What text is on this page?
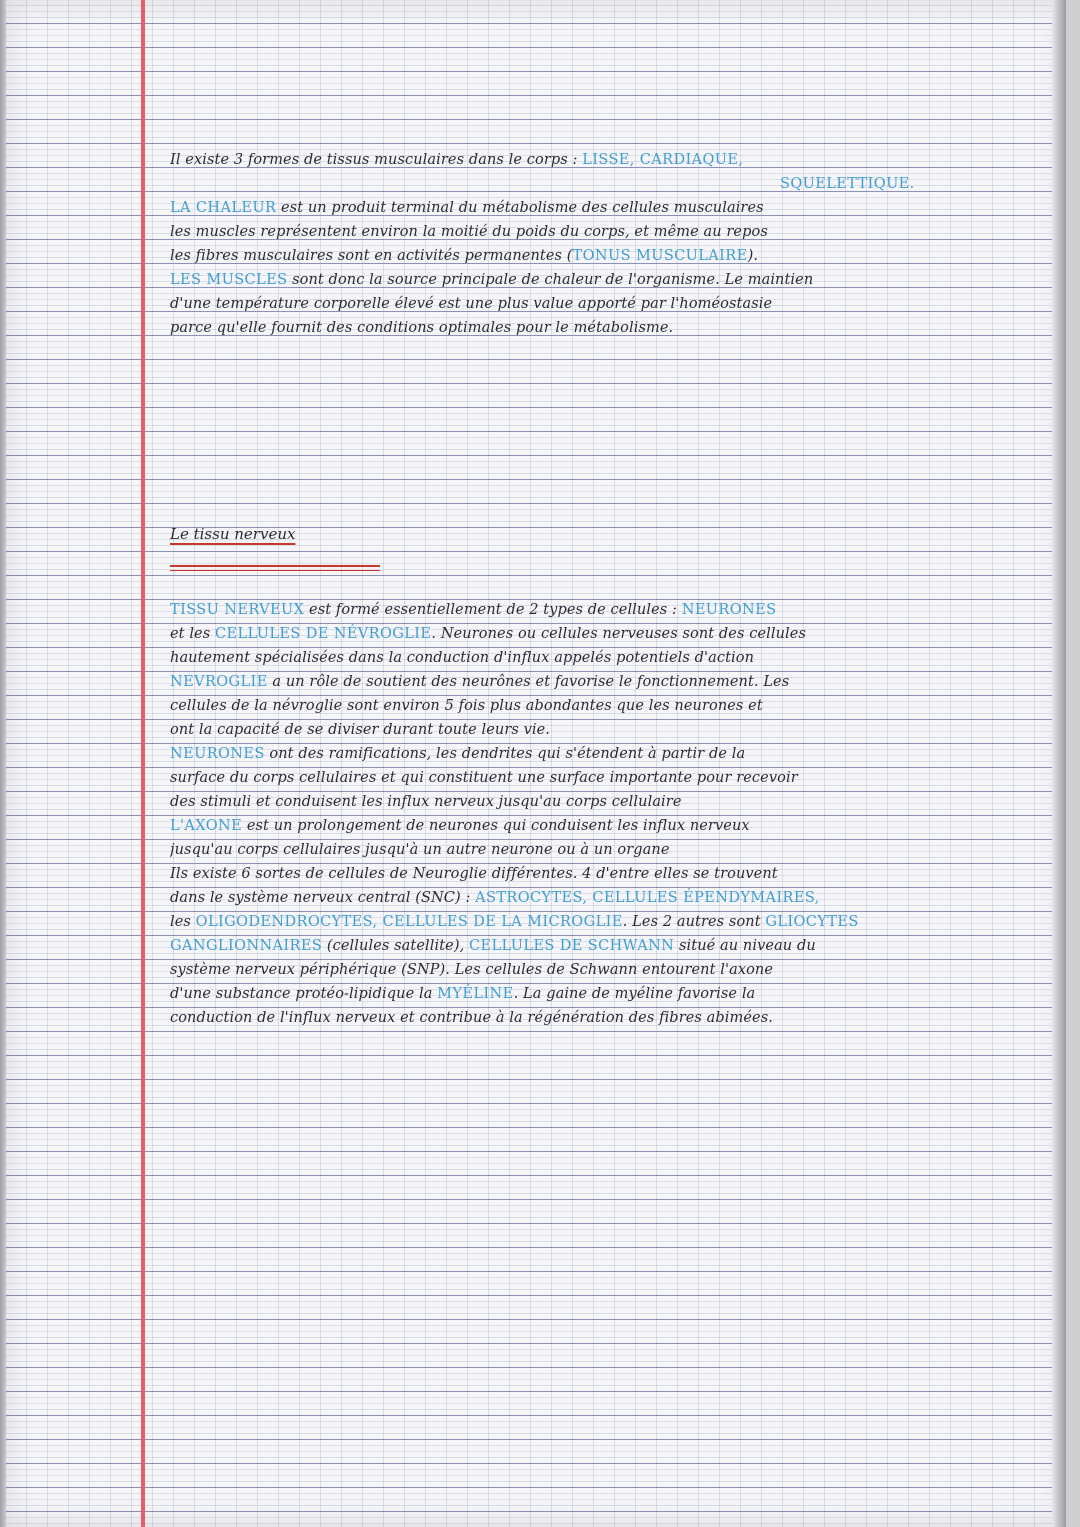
Il existe 3 formes de tissus musculaires dans le corps : LISSE, CARDIAQUE,
SQUELETTIQUE.
LA CHALEUR est un produit terminal du métabolisme des cellules musculaires
les muscles représentent environ la moitié du poids du corps, et même au repos
les fibres musculaires sont en activités permanentes (TONUS MUSCULAIRE).
LES MUSCLES sont donc la source principale de chaleur de l'organisme. Le maintien
d'une température corporelle élevé est une plus value apporté par l'homéostasie
parce qu'elle fournit des conditions optimales pour le métabolisme.

Le tissu nerveux

TISSU NERVEUX est formé essentiellement de 2 types de cellules : NEURONES
et les CELLULES DE NÉVROGLIE. Neurones ou cellules nerveuses sont des cellules
hautement spécialisées dans la conduction d'influx appelés potentiels d'action
NEVROGLIE a un rôle de soutient des neurônes et favorise le fonctionnement. Les
cellules de la névroglie sont environ 5 fois plus abondantes que les neurones et
ont la capacité de se diviser durant toute leurs vie.
NEURONES ont des ramifications, les dendrites qui s'étendent à partir de la
surface du corps cellulaires et qui constituent une surface importante pour recevoir
des stimuli et conduisent les influx nerveux jusqu'au corps cellulaire
L'AXONE est un prolongement de neurones qui conduisent les influx nerveux
jusqu'au corps cellulaires jusqu'à un autre neurone ou à un organe
Ils existe 6 sortes de cellules de Neuroglie différentes. 4 d'entre elles se trouvent
dans le système nerveux central (SNC) : ASTROCYTES, CELLULES ÉPENDYMAIRES,
les OLIGODENDROCYTES, CELLULES DE LA MICROGLIE. Les 2 autres sont GLIOCYTES
GANGLIONNAIRES (cellules satellite), CELLULES DE SCHWANN situé au niveau du
système nerveux périphérique (SNP). Les cellules de Schwann entourent l'axone
d'une substance protéo-lipidique la MYÉLINE. La gaine de myéline favorise la
conduction de l'influx nerveux et contribue à la régénération des fibres abimées.
